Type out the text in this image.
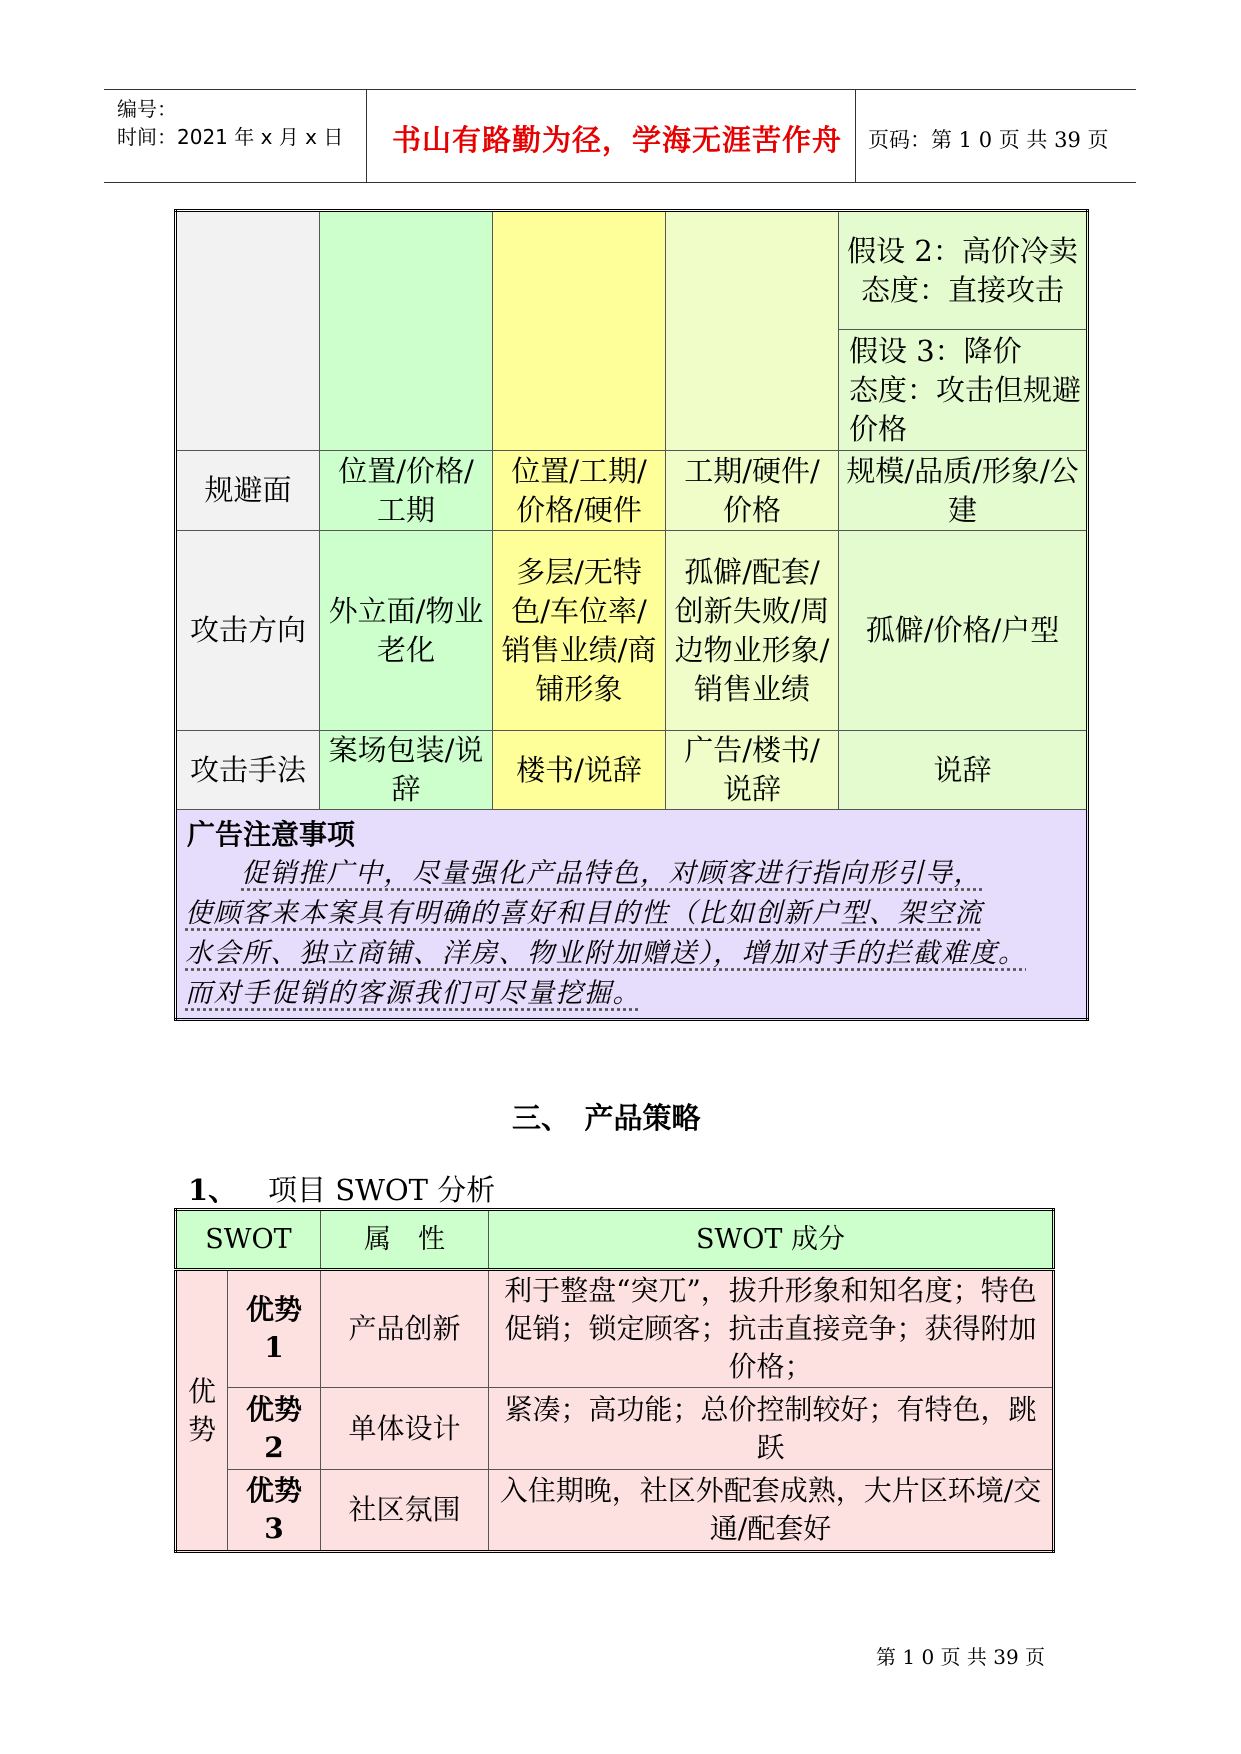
编号：
时间：2021 年 x 月 x 日 书山有路勤为径，学海无涯苦作舟 页码：第 1 0 页 共 39 页

				假设 2：高价冷卖
态度：直接攻击

				假设 3：降价
态度：攻击但规避价格

规避面	位置/价格/工期	位置/工期/价格/硬件	工期/硬件/价格	规模/品质/形象/公建
攻击方向	外立面/物业老化	多层/无特色/车位率/销售业绩/商铺形象	孤僻/配套/创新失败/周边物业形象/销售业绩	孤僻/价格/户型
攻击手法	案场包装/说辞	楼书/说辞	广告/楼书/说辞	说辞

广告注意事项
促销推广中，尽量强化产品特色，对顾客进行指向形引导，
使顾客来本案具有明确的喜好和目的性（比如创新户型、架空流
水会所、独立商铺、洋房、物业附加赠送），增加对手的拦截难度。
而对手促销的客源我们可尽量挖掘。				
三、　产品策略
1、 项目 SWOT 分析
SWOT		属　性	SWOT 成分
优势	优势 1	产品创新	利于整盘“突兀”，拔升形象和知名度；特色促销；锁定顾客；抗击直接竞争；获得附加价格；
	优势 2	单体设计	紧凑；高功能；总价控制较好；有特色，跳跃
	优势 3	社区氛围	入住期晚，社区外配套成熟，大片区环境/交通/配套好
第 1 0 页 共 39 页
